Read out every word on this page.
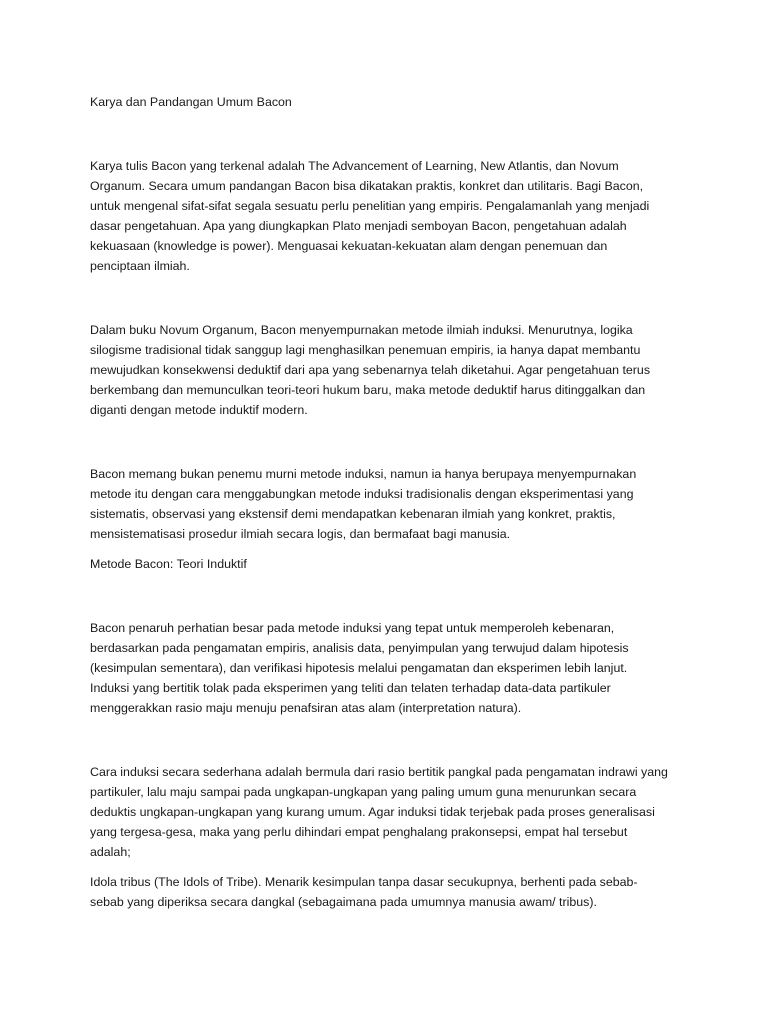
Karya dan Pandangan Umum Bacon

Karya tulis Bacon yang terkenal adalah The Advancement of Learning, New Atlantis, dan Novum
Organum. Secara umum pandangan Bacon bisa dikatakan praktis, konkret dan utilitaris. Bagi Bacon,
untuk mengenal sifat-sifat segala sesuatu perlu penelitian yang empiris. Pengalamanlah yang menjadi
dasar pengetahuan. Apa yang diungkapkan Plato menjadi semboyan Bacon, pengetahuan adalah
kekuasaan (knowledge is power). Menguasai kekuatan-kekuatan alam dengan penemuan dan
penciptaan ilmiah.

Dalam buku Novum Organum, Bacon menyempurnakan metode ilmiah induksi. Menurutnya, logika
silogisme tradisional tidak sanggup lagi menghasilkan penemuan empiris, ia hanya dapat membantu
mewujudkan konsekwensi deduktif dari apa yang sebenarnya telah diketahui. Agar pengetahuan terus
berkembang dan memunculkan teori-teori hukum baru, maka metode deduktif harus ditinggalkan dan
diganti dengan metode induktif modern.

Bacon memang bukan penemu murni metode induksi, namun ia hanya berupaya menyempurnakan
metode itu dengan cara menggabungkan metode induksi tradisionalis dengan eksperimentasi yang
sistematis, observasi yang ekstensif demi mendapatkan kebenaran ilmiah yang konkret, praktis,
mensistematisasi prosedur ilmiah secara logis, dan bermafaat bagi manusia.

Metode Bacon: Teori Induktif

Bacon penaruh perhatian besar pada metode induksi yang tepat untuk memperoleh kebenaran,
berdasarkan pada pengamatan empiris, analisis data, penyimpulan yang terwujud dalam hipotesis
(kesimpulan sementara), dan verifikasi hipotesis melalui pengamatan dan eksperimen lebih lanjut.
Induksi yang bertitik tolak pada eksperimen yang teliti dan telaten terhadap data-data partikuler
menggerakkan rasio maju menuju penafsiran atas alam (interpretation natura).

Cara induksi secara sederhana adalah bermula dari rasio bertitik pangkal pada pengamatan indrawi yang
partikuler, lalu maju sampai pada ungkapan-ungkapan yang paling umum guna menurunkan secara
deduktis ungkapan-ungkapan yang kurang umum. Agar induksi tidak terjebak pada proses generalisasi
yang tergesa-gesa, maka yang perlu dihindari empat penghalang prakonsepsi, empat hal tersebut
adalah;

Idola tribus (The Idols of Tribe). Menarik kesimpulan tanpa dasar secukupnya, berhenti pada sebab-
sebab yang diperiksa secara dangkal (sebagaimana pada umumnya manusia awam/ tribus).
